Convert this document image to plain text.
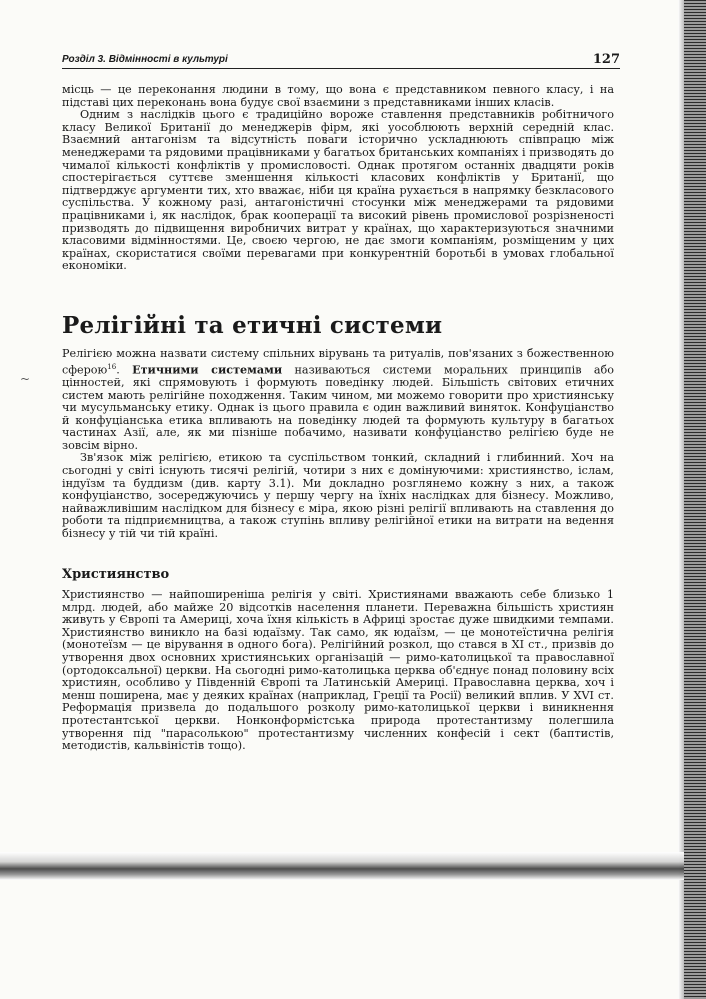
Розділ 3. Відмінності в культурі	127

місць — це переконання людини в тому, що вона є представником певного класу, і на підставі цих переконань вона будує свої взаємини з представниками інших класів.

Одним з наслідків цього є традиційно вороже ставлення представників робітничого класу Великої Британії до менеджерів фірм, які уособлюють верхній середній клас. Взаємний антагонізм та відсутність поваги історично ускладнюють співпрацю між менеджерами та рядовими працівниками у багатьох британських компаніях і призводять до чималої кількості конфліктів у промисловості. Однак протягом останніх двадцяти років спостерігається суттєве зменшення кількості класових конфліктів у Британії, що підтверджує аргументи тих, хто вважає, ніби ця країна рухається в напрямку безкласового суспільства. У кожному разі, антагоністичні стосунки між менеджерами та рядовими працівниками і, як наслідок, брак кооперації та високий рівень промислової розрізненості призводять до підвищення виробничих витрат у країнах, що характеризуються значними класовими відмінностями. Це, своєю чергою, не дає змоги компаніям, розміщеним у цих країнах, скористатися своїми перевагами при конкурентній боротьбі в умовах глобальної економіки.

Релігійні та етичні системи
~

Релігією можна назвати систему спільних вірувань та ритуалів, пов'язаних з божественною сферою$^{16}$. Етичними системами називаються системи моральних принципів або цінностей, які спрямовують і формують поведінку людей. Більшість світових етичних систем мають релігійне походження. Таким чином, ми можемо говорити про християнську чи мусульманську етику. Однак із цього правила є один важливий виняток. Конфуціанство й конфуціанська етика впливають на поведінку людей та формують культуру в багатьох частинах Азії, але, як ми пізніше побачимо, називати конфуціанство релігією буде не зовсім вірно.

Зв'язок між релігією, етикою та суспільством тонкий, складний і глибинний. Хоч на сьогодні у світі існують тисячі релігій, чотири з них є домінуючими: християнство, іслам, індуїзм та буддизм (див. карту 3.1). Ми докладно розглянемо кожну з них, а також конфуціанство, зосереджуючись у першу чергу на їхніх наслідках для бізнесу. Можливо, найважливішим наслідком для бізнесу є міра, якою різні релігії впливають на ставлення до роботи та підприємництва, а також ступінь впливу релігійної етики на витрати на ведення бізнесу у тій чи тій країні.

Християнство

Християнство — найпоширеніша релігія у світі. Християнами вважають себе близько 1 млрд. людей, або майже 20 відсотків населення планети. Переважна більшість християн живуть у Європі та Америці, хоча їхня кількість в Африці зростає дуже швидкими темпами. Християнство виникло на базі юдаїзму. Так само, як юдаїзм, — це монотеїстична релігія (монотеїзм — це вірування в одного бога). Релігійний розкол, що стався в XI ст., призвів до утворення двох основних християнських організацій — римо-католицької та православної (ортодоксальної) церкви. На сьогодні римо-католицька церква об'єднує понад половину всіх християн, особливо у Південній Європі та Латинській Америці. Православна церква, хоч і менш поширена, має у деяких країнах (наприклад, Греції та Росії) великий вплив. У XVI ст. Реформація призвела до подальшого розколу римо-католицької церкви і виникнення протестантської церкви. Нонконформістська природа протестантизму полегшила утворення під "парасолькою" протестантизму численних конфесій і сект (баптистів, методистів, кальвіністів тощо).
